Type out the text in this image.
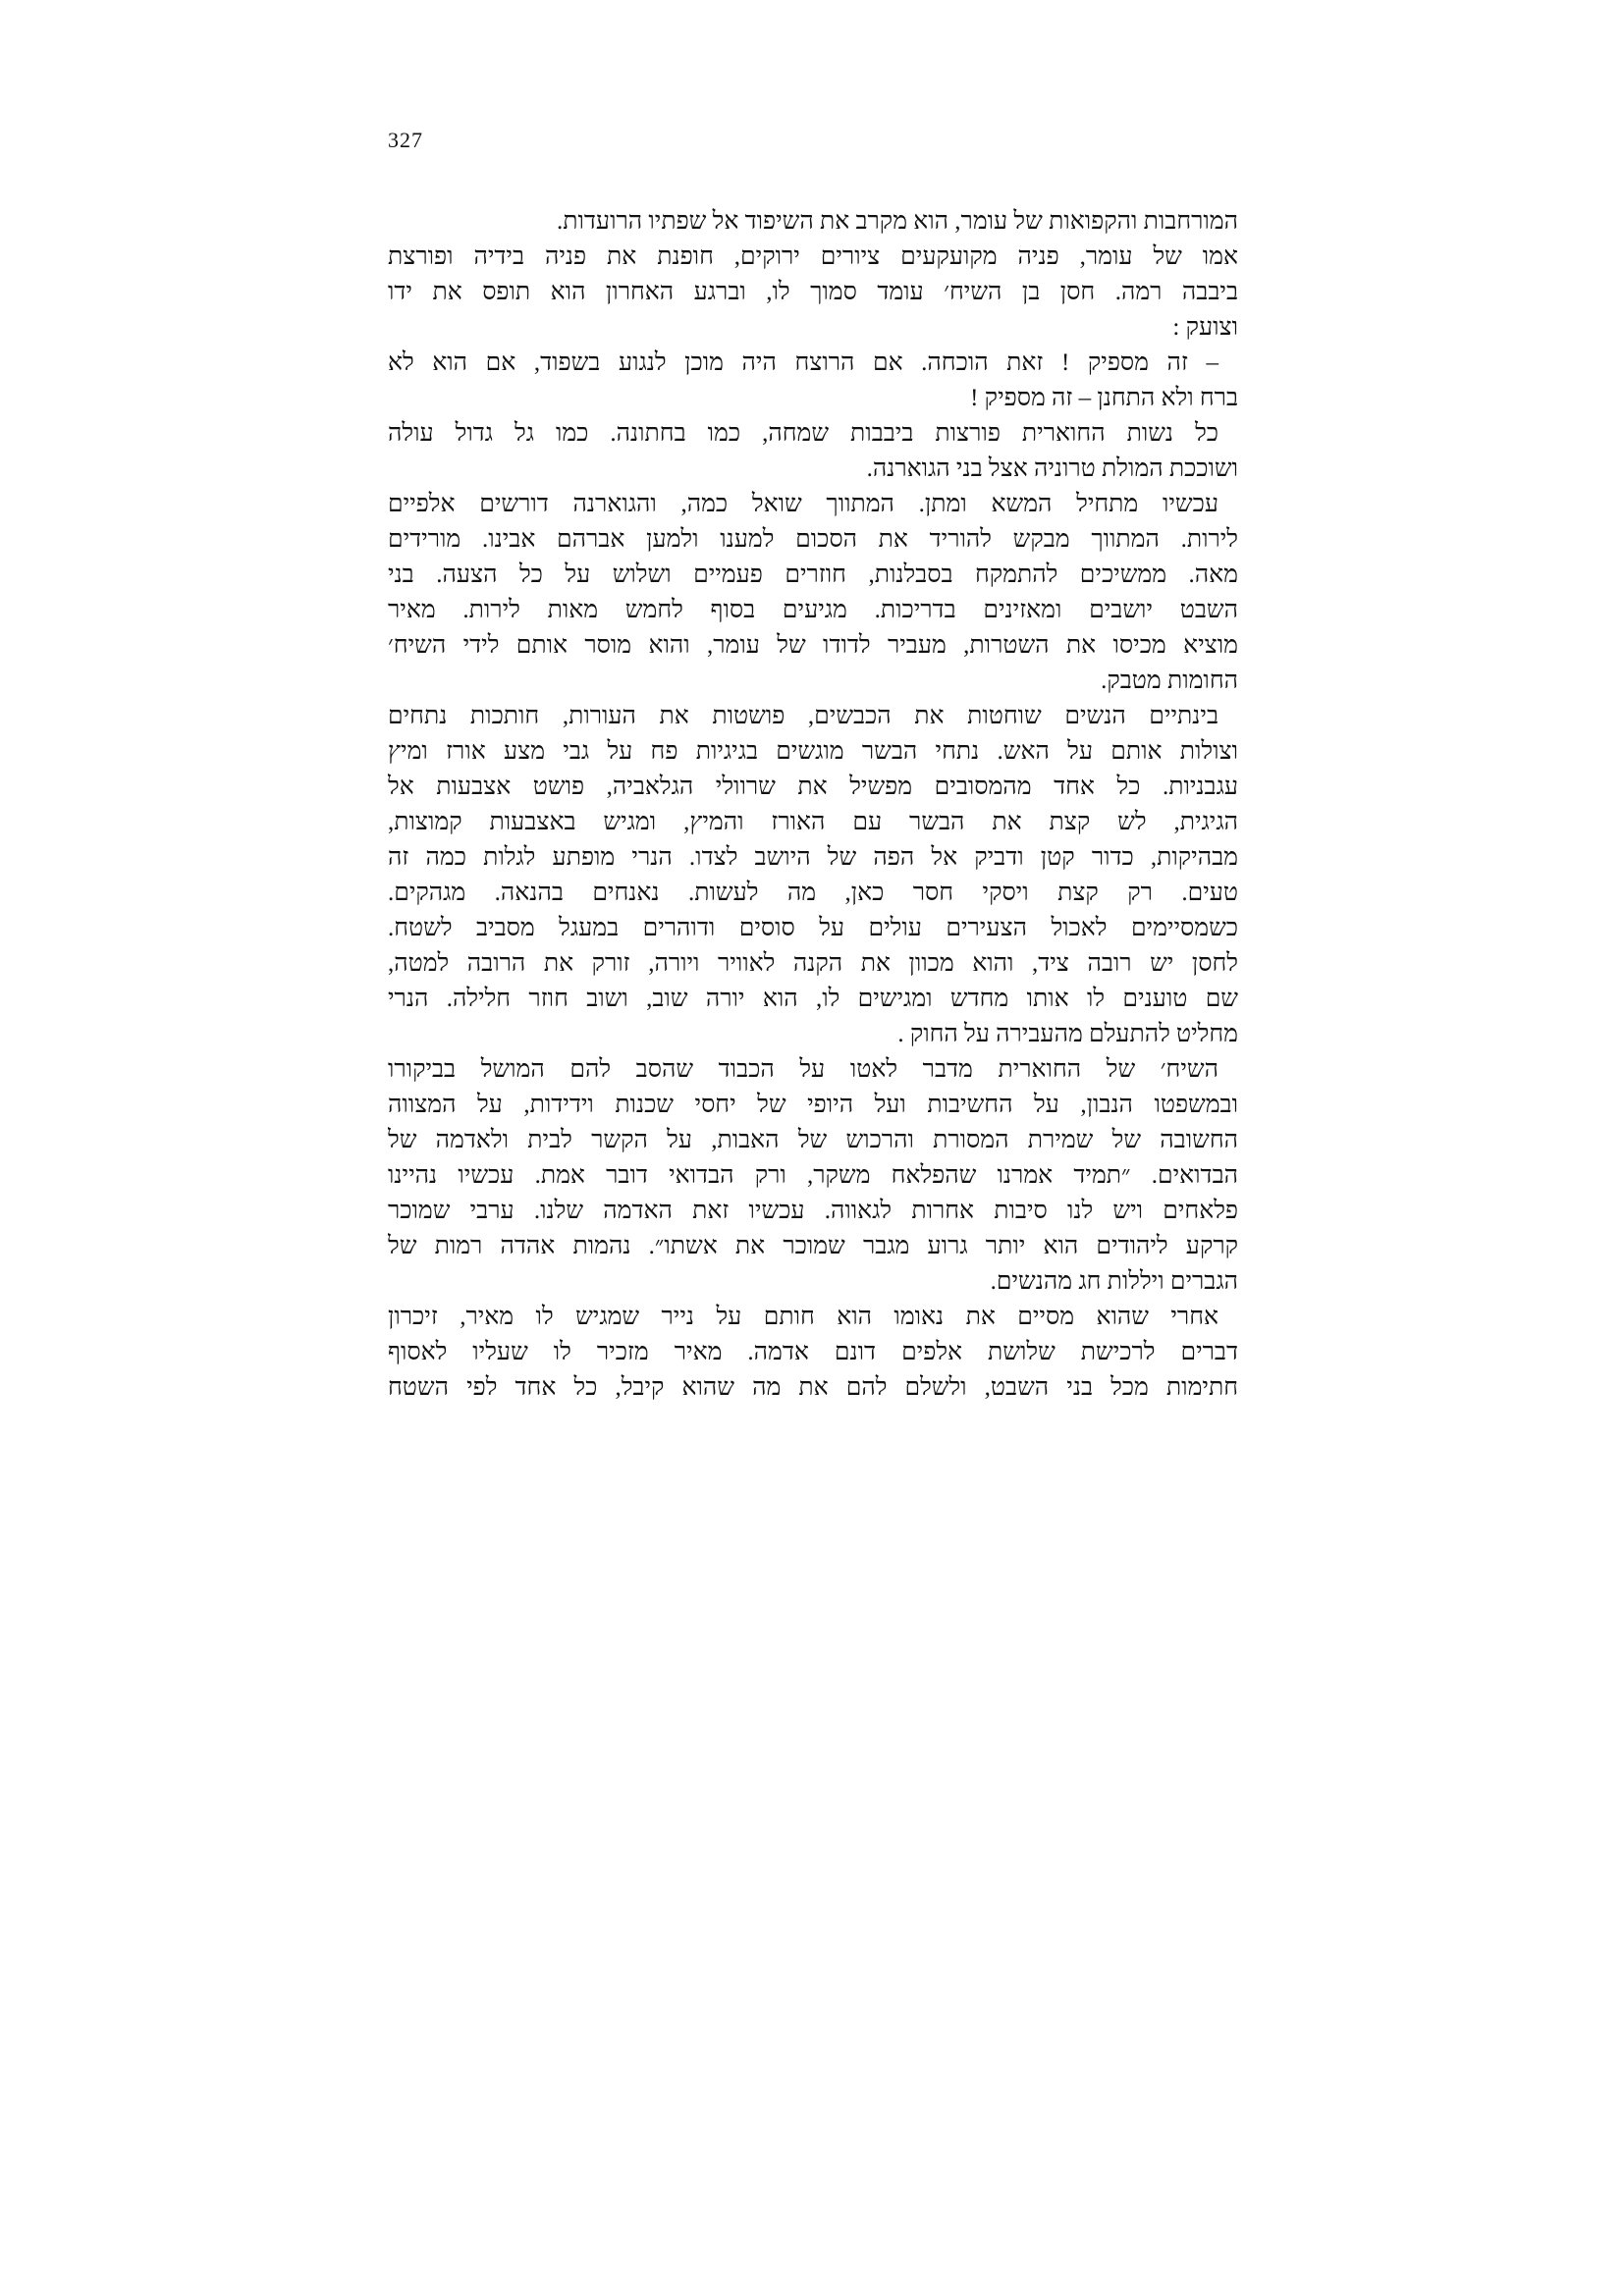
327
המורחבות והקפואות של עומר, הוא מקרב את השיפוד אל שפתיו הרועדות.
אמו של עומר, פניה מקועקעים ציורים ירוקים, חופנת את פניה בידיה ופורצת
ביבבה רמה. חסן בן השיח׳ עומד סמוך לו, וברגע האחרון הוא תופס את ידו
וצועק :
– זה מספיק ! זאת הוכחה. אם הרוצח היה מוכן לנגוע בשפוד, אם הוא לא
ברח ולא התחנן – זה מספיק !
כל נשות החוארית פורצות ביבבות שמחה, כמו בחתונה. כמו גל גדול עולה
ושוככת המולת טרוניה אצל בני הגוארנה.
עכשיו מתחיל המשא ומתן. המתווך שואל כמה, והגוארנה דורשים אלפיים
לירות. המתווך מבקש להוריד את הסכום למענו ולמען אברהם אבינו. מורידים
מאה. ממשיכים להתמקח בסבלנות, חוזרים פעמיים ושלוש על כל הצעה. בני
השבט יושבים ומאזינים בדריכות. מגיעים בסוף לחמש מאות לירות. מאיר
מוציא מכיסו את השטרות, מעביר לדודו של עומר, והוא מוסר אותם לידי השיח׳
החומות מטבק.
בינתיים הנשים שוחטות את הכבשים, פושטות את העורות, חותכות נתחים
וצולות אותם על האש. נתחי הבשר מוגשים בגיגיות פח על גבי מצע אורז ומיץ
עגבניות. כל אחד מהמסובים מפשיל את שרוולי הגלאביה, פושט אצבעות אל
הגיגית, לש קצת את הבשר עם האורז והמיץ, ומגיש באצבעות קמוצות,
מבהיקות, כדור קטן ודביק אל הפה של היושב לצדו. הנרי מופתע לגלות כמה זה
טעים. רק קצת ויסקי חסר כאן, מה לעשות. נאנחים בהנאה. מגהקים.
כשמסיימים לאכול הצעירים עולים על סוסים ודוהרים במעגל מסביב לשטח.
לחסן יש רובה ציד, והוא מכוון את הקנה לאוויר ויורה, זורק את הרובה למטה,
שם טוענים לו אותו מחדש ומגישים לו, הוא יורה שוב, ושוב חוזר חלילה. הנרי
מחליט להתעלם מהעבירה על החוק .
השיח׳ של החוארית מדבר לאטו על הכבוד שהסב להם המושל בביקורו
ובמשפטו הנבון, על החשיבות ועל היופי של יחסי שכנות וידידות, על המצווה
החשובה של שמירת המסורת והרכוש של האבות, על הקשר לבית ולאדמה של
הבדואים. ״תמיד אמרנו שהפלאח משקר, ורק הבדואי דובר אמת. עכשיו נהיינו
פלאחים ויש לנו סיבות אחרות לגאווה. עכשיו זאת האדמה שלנו. ערבי שמוכר
קרקע ליהודים הוא יותר גרוע מגבר שמוכר את אשתו״. נהמות אהדה רמות של
הגברים ויללות חג מהנשים.
אחרי שהוא מסיים את נאומו הוא חותם על נייר שמגיש לו מאיר, זיכרון
דברים לרכישת שלושת אלפים דונם אדמה. מאיר מזכיר לו שעליו לאסוף
חתימות מכל בני השבט, ולשלם להם את מה שהוא קיבל, כל אחד לפי השטח
